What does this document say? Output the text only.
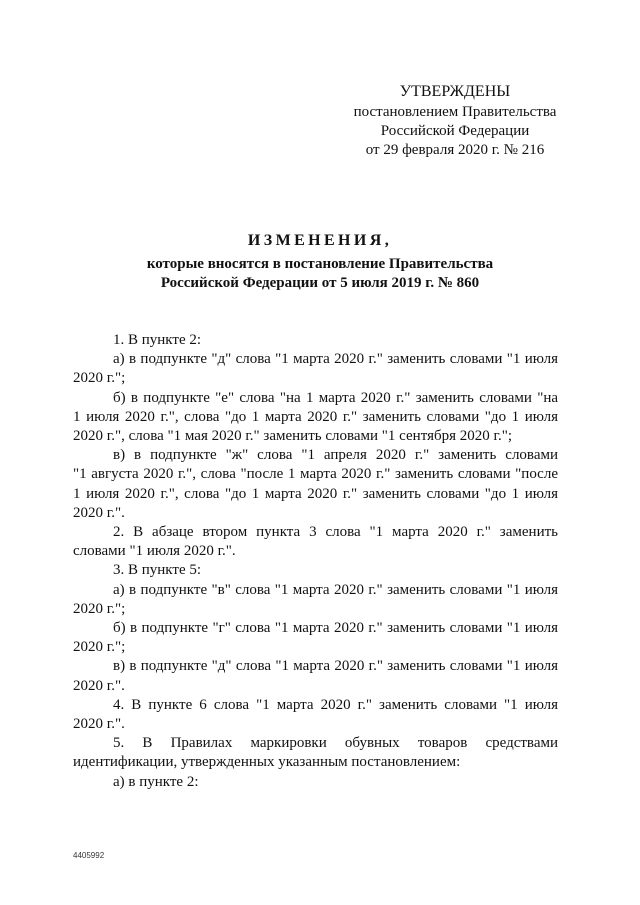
УТВЕРЖДЕНЫ
постановлением Правительства
Российской Федерации
от 29 февраля 2020 г. № 216
ИЗМЕНЕНИЯ,
которые вносятся в постановление Правительства
Российской Федерации от 5 июля 2019 г. № 860
1. В пункте 2:
а) в подпункте "д" слова "1 марта 2020 г." заменить словами "1 июля
2020 г.";
б) в подпункте "е" слова "на 1 марта 2020 г." заменить словами "на
1 июля 2020 г.", слова "до 1 марта 2020 г." заменить словами "до 1 июля
2020 г.", слова "1 мая 2020 г." заменить словами "1 сентября 2020 г.";
в) в подпункте "ж" слова "1 апреля 2020 г." заменить словами
"1 августа 2020 г.", слова "после 1 марта 2020 г." заменить словами "после
1 июля 2020 г.", слова "до 1 марта 2020 г." заменить словами "до 1 июля
2020 г.".
2. В абзаце втором пункта 3 слова "1 марта 2020 г." заменить
словами "1 июля 2020 г.".
3. В пункте 5:
а) в подпункте "в" слова "1 марта 2020 г." заменить словами "1 июля
2020 г.";
б) в подпункте "г" слова "1 марта 2020 г." заменить словами "1 июля
2020 г.";
в) в подпункте "д" слова "1 марта 2020 г." заменить словами "1 июля
2020 г.".
4. В пункте 6 слова "1 марта 2020 г." заменить словами "1 июля
2020 г.".
5. В Правилах маркировки обувных товаров средствами
идентификации, утвержденных указанным постановлением:
а) в пункте 2:
4405992
